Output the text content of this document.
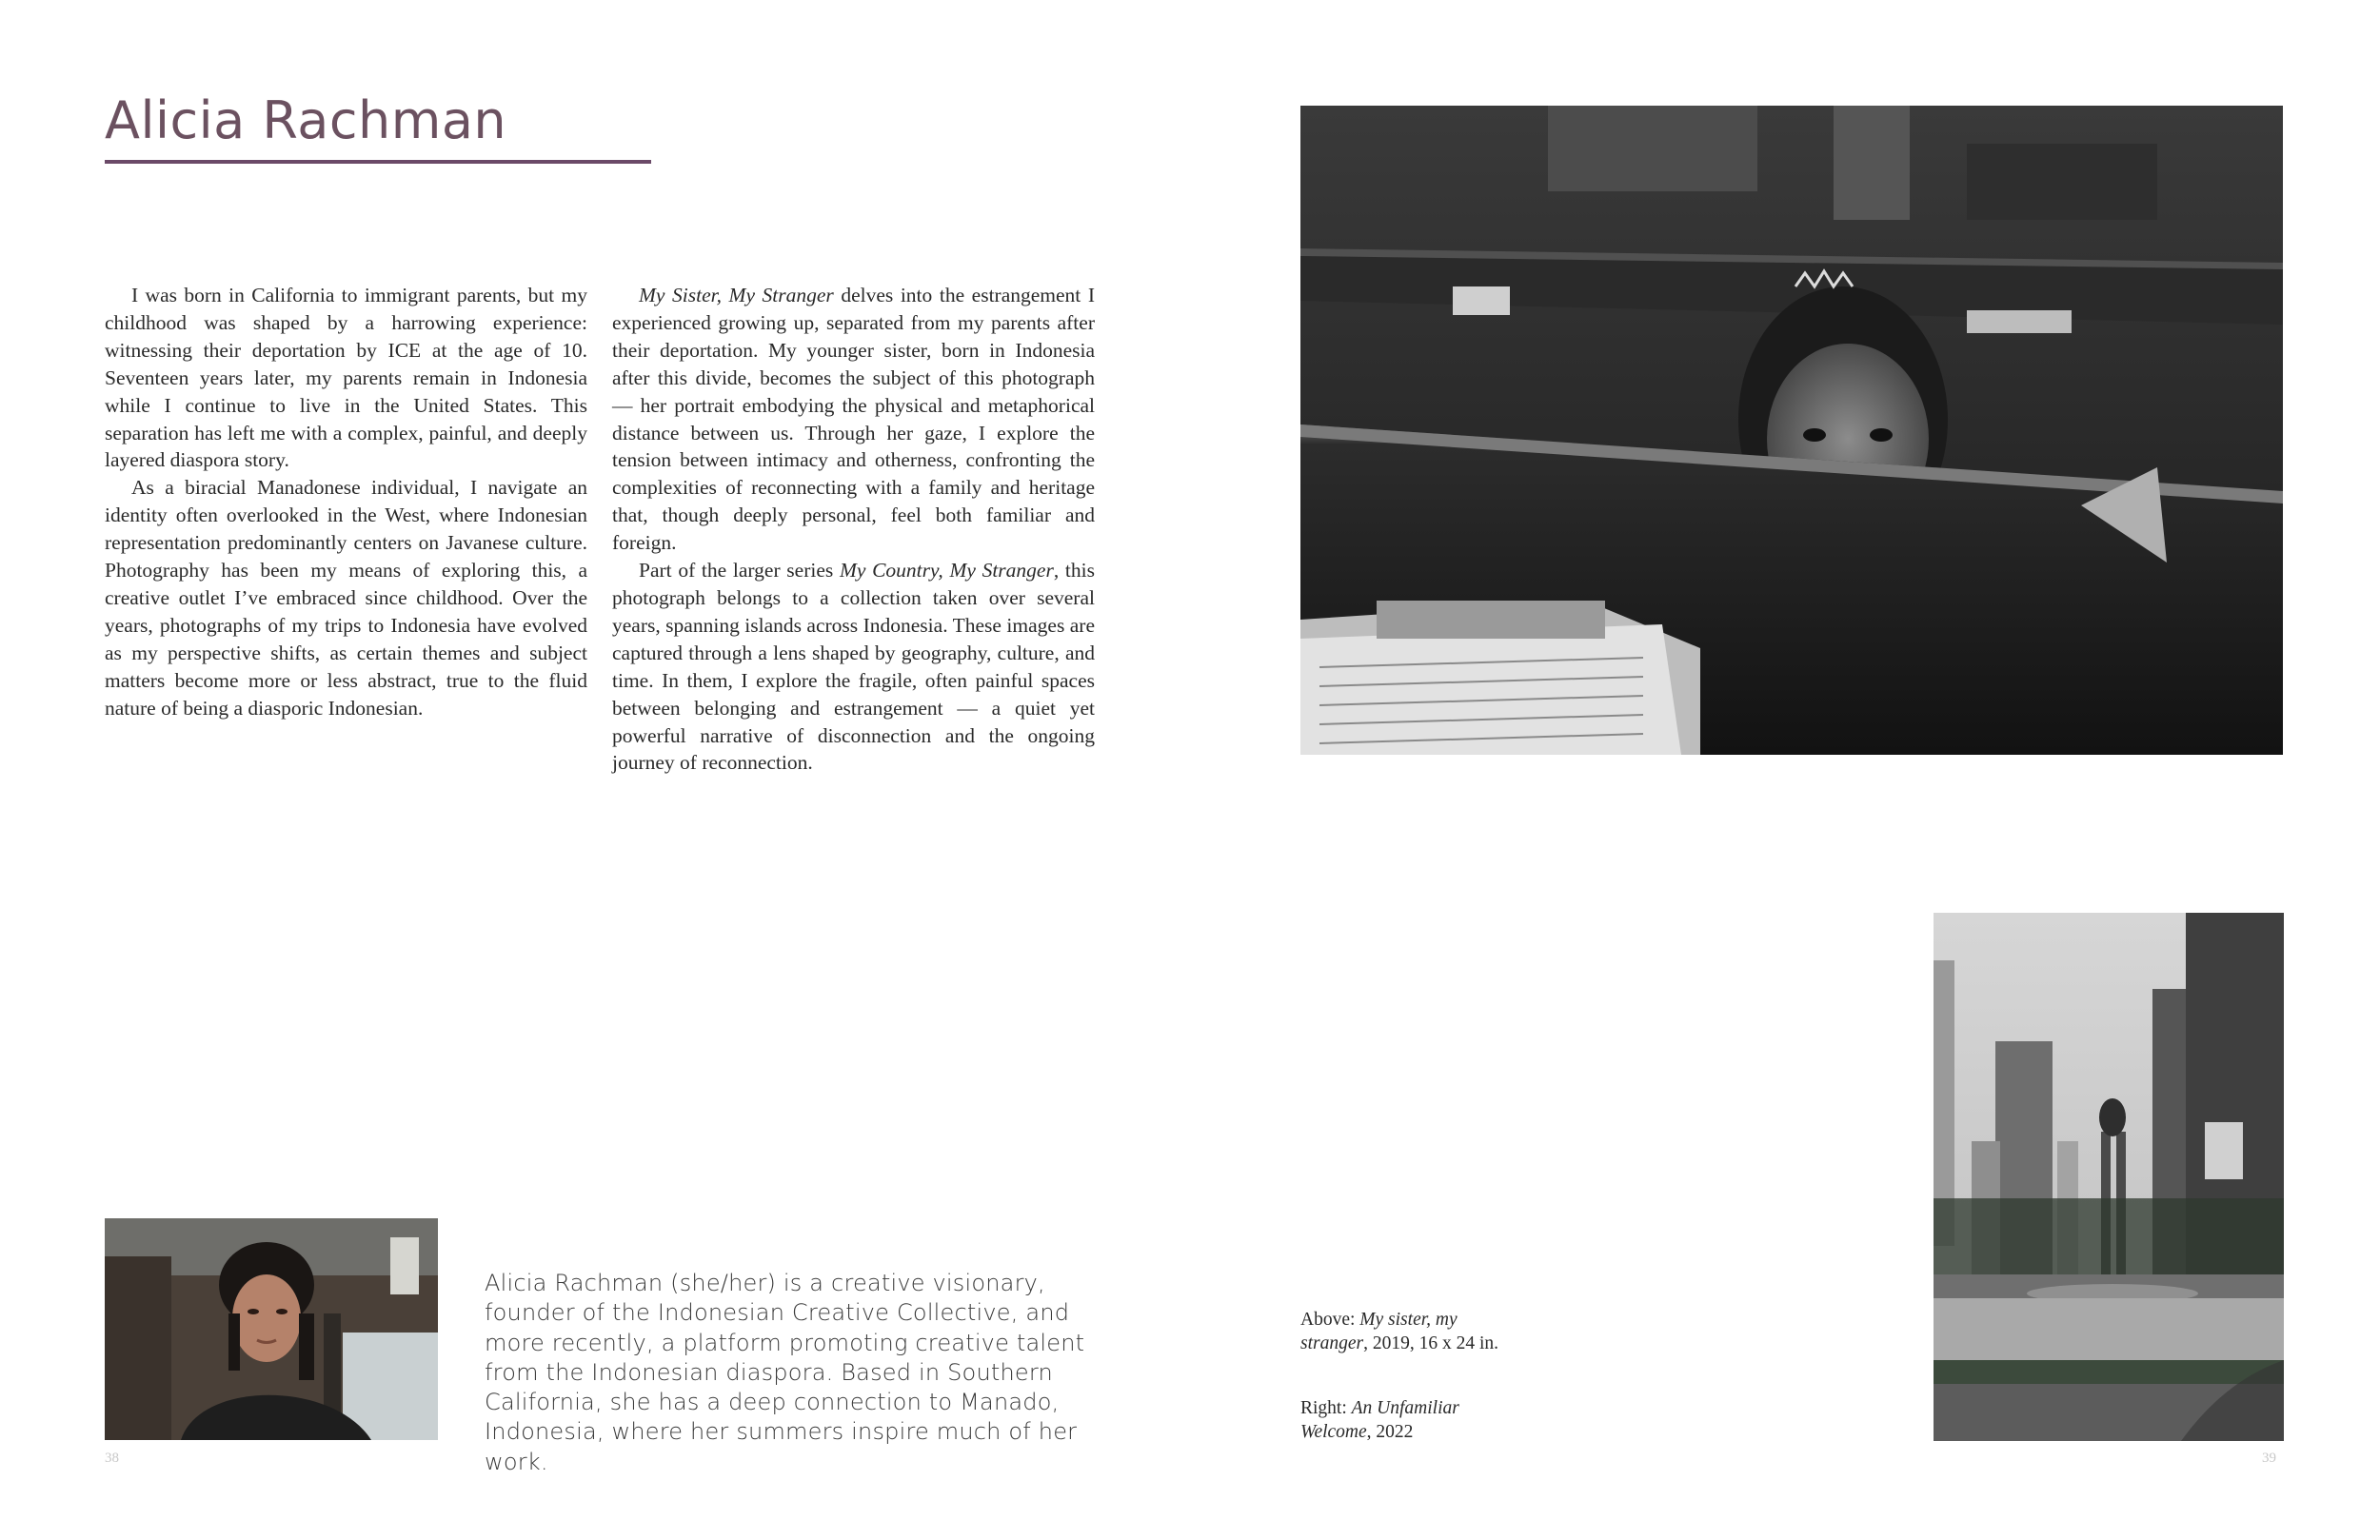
Alicia Rachman

I was born in California to immigrant parents, but my childhood was shaped by a harrowing experience: witnessing their deportation by ICE at the age of 10. Seventeen years later, my parents remain in Indonesia while I continue to live in the United States. This separation has left me with a complex, painful, and deeply layered diaspora story.

As a biracial Manadonese individual, I navigate an identity often overlooked in the West, where Indonesian representation predominantly centers on Javanese culture. Photography has been my means of exploring this, a creative outlet I’ve embraced since childhood. Over the years, photographs of my trips to Indonesia have evolved as my perspective shifts, as certain themes and subject matters become more or less abstract, true to the fluid nature of being a diasporic Indonesian.

My Sister, My Stranger delves into the estrangement I experienced growing up, separated from my parents after their deportation. My younger sister, born in Indonesia after this divide, becomes the subject of this photograph — her portrait embodying the physical and metaphorical distance between us. Through her gaze, I explore the tension between intimacy and otherness, confronting the complexities of reconnecting with a family and heritage that, though deeply personal, feel both familiar and foreign.

Part of the larger series My Country, My Stranger, this photograph belongs to a collection taken over several years, spanning islands across Indonesia. These images are captured through a lens shaped by geography, culture, and time. In them, I explore the fragile, often painful spaces between belonging and estrangement — a quiet yet powerful narrative of disconnection and the ongoing journey of reconnection.

Alicia Rachman (she/her) is a creative visionary, founder of the Indonesian Creative Collective, and more recently, a platform promoting creative talent from the Indonesian diaspora. Based in Southern California, she has a deep connection to Manado, Indonesia, where her summers inspire much of her work.

Above: My sister, my stranger, 2019, 16 x 24 in.
Right: An Unfamiliar Welcome, 2022
38	39
